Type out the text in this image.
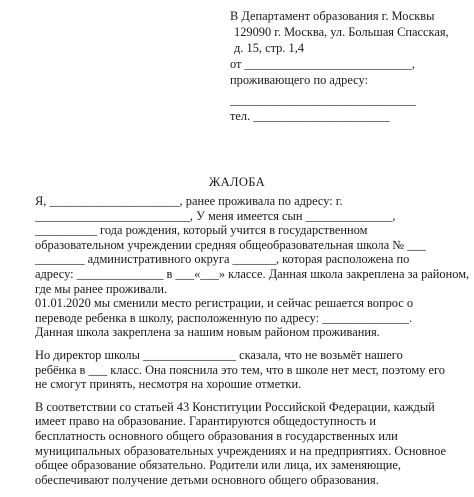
В Департамент образования г. Москвы
129090 г. Москва, ул. Большая Спасская,
д. 15, стр. 1,4
от ___________________________,
проживающего по адресу:
______________________________
тел. ______________________
ЖАЛОБА

Я, _____________________, ранее проживала по адресу: г.

_________________________, У меня имеется сын ______________,

__________ года рождения, который учится в государственном

образовательном учреждении средняя общеобразовательная школа № ___

________ административного округа _______, которая расположена по

адресу: ______________ в ___«___» классе. Данная школа закреплена за районом,

где мы ранее проживали.

01.01.2020 мы сменили место регистрации, и сейчас решается вопрос о

переводе ребенка в школу, расположенную по адресу: ______________.

Данная школа закреплена за нашим новым районом проживания.

Но директор школы _______________ сказала, что не возьмёт нашего

ребёнка в ___ класс. Она пояснила это тем, что в школе нет мест, поэтому его

не смогут принять, несмотря на хорошие отметки.

В соответствии со статьей 43 Конституции Российской Федерации, каждый

имеет право на образование. Гарантируются общедоступность и

бесплатность основного общего образования в государственных или

муниципальных образовательных учреждениях и на предприятиях. Основное

общее образование обязательно. Родители или лица, их заменяющие,

обеспечивают получение детьми основного общего образования.
